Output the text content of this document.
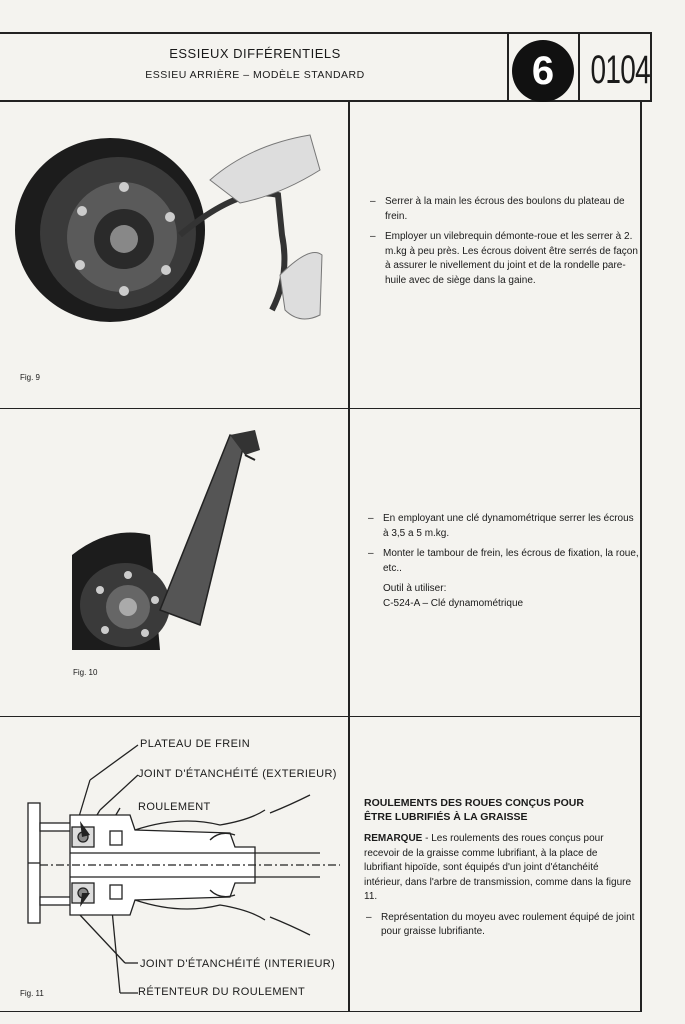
ESSIEUX DIFFÉRENTIELS
ESSIEU ARRIÈRE – MODÈLE STANDARD	6 0104
Fig. 9
– Serrer à la main les écrous des boulons du plateau de frein.
– Employer un vilebrequin démonte-roue et les serrer à 2. m.kg à peu près. Les écrous doivent être serrés de façon à assurer le nivellement du joint et de la rondelle pare-huile avec de siège dans la gaine.
Fig. 10
– En employant une clé dynamométrique serrer les écrous à 3,5 a 5 m.kg.
– Monter le tambour de frein, les écrous de fixation, la roue, etc..
Outil à utiliser:
C-524-A – Clé dynamométrique
PLATEAU DE FREIN
JOINT D'ÉTANCHÉITÉ (EXTERIEUR)
ROULEMENT
JOINT D'ÉTANCHÉITÉ (INTERIEUR)
RÉTENTEUR DU ROULEMENT
Fig. 11
ROULEMENTS DES ROUES CONÇUS POUR
ÊTRE LUBRIFIÉS À LA GRAISSE
REMARQUE - Les roulements des roues conçus pour recevoir de la graisse comme lubrifiant, à la place de lubrifiant hipoïde, sont équipés d'un joint d'étanchéité intérieur, dans l'arbre de transmission, comme dans la figure 11.
– Représentation du moyeu avec roulement équipé de joint pour graisse lubrifiante.
